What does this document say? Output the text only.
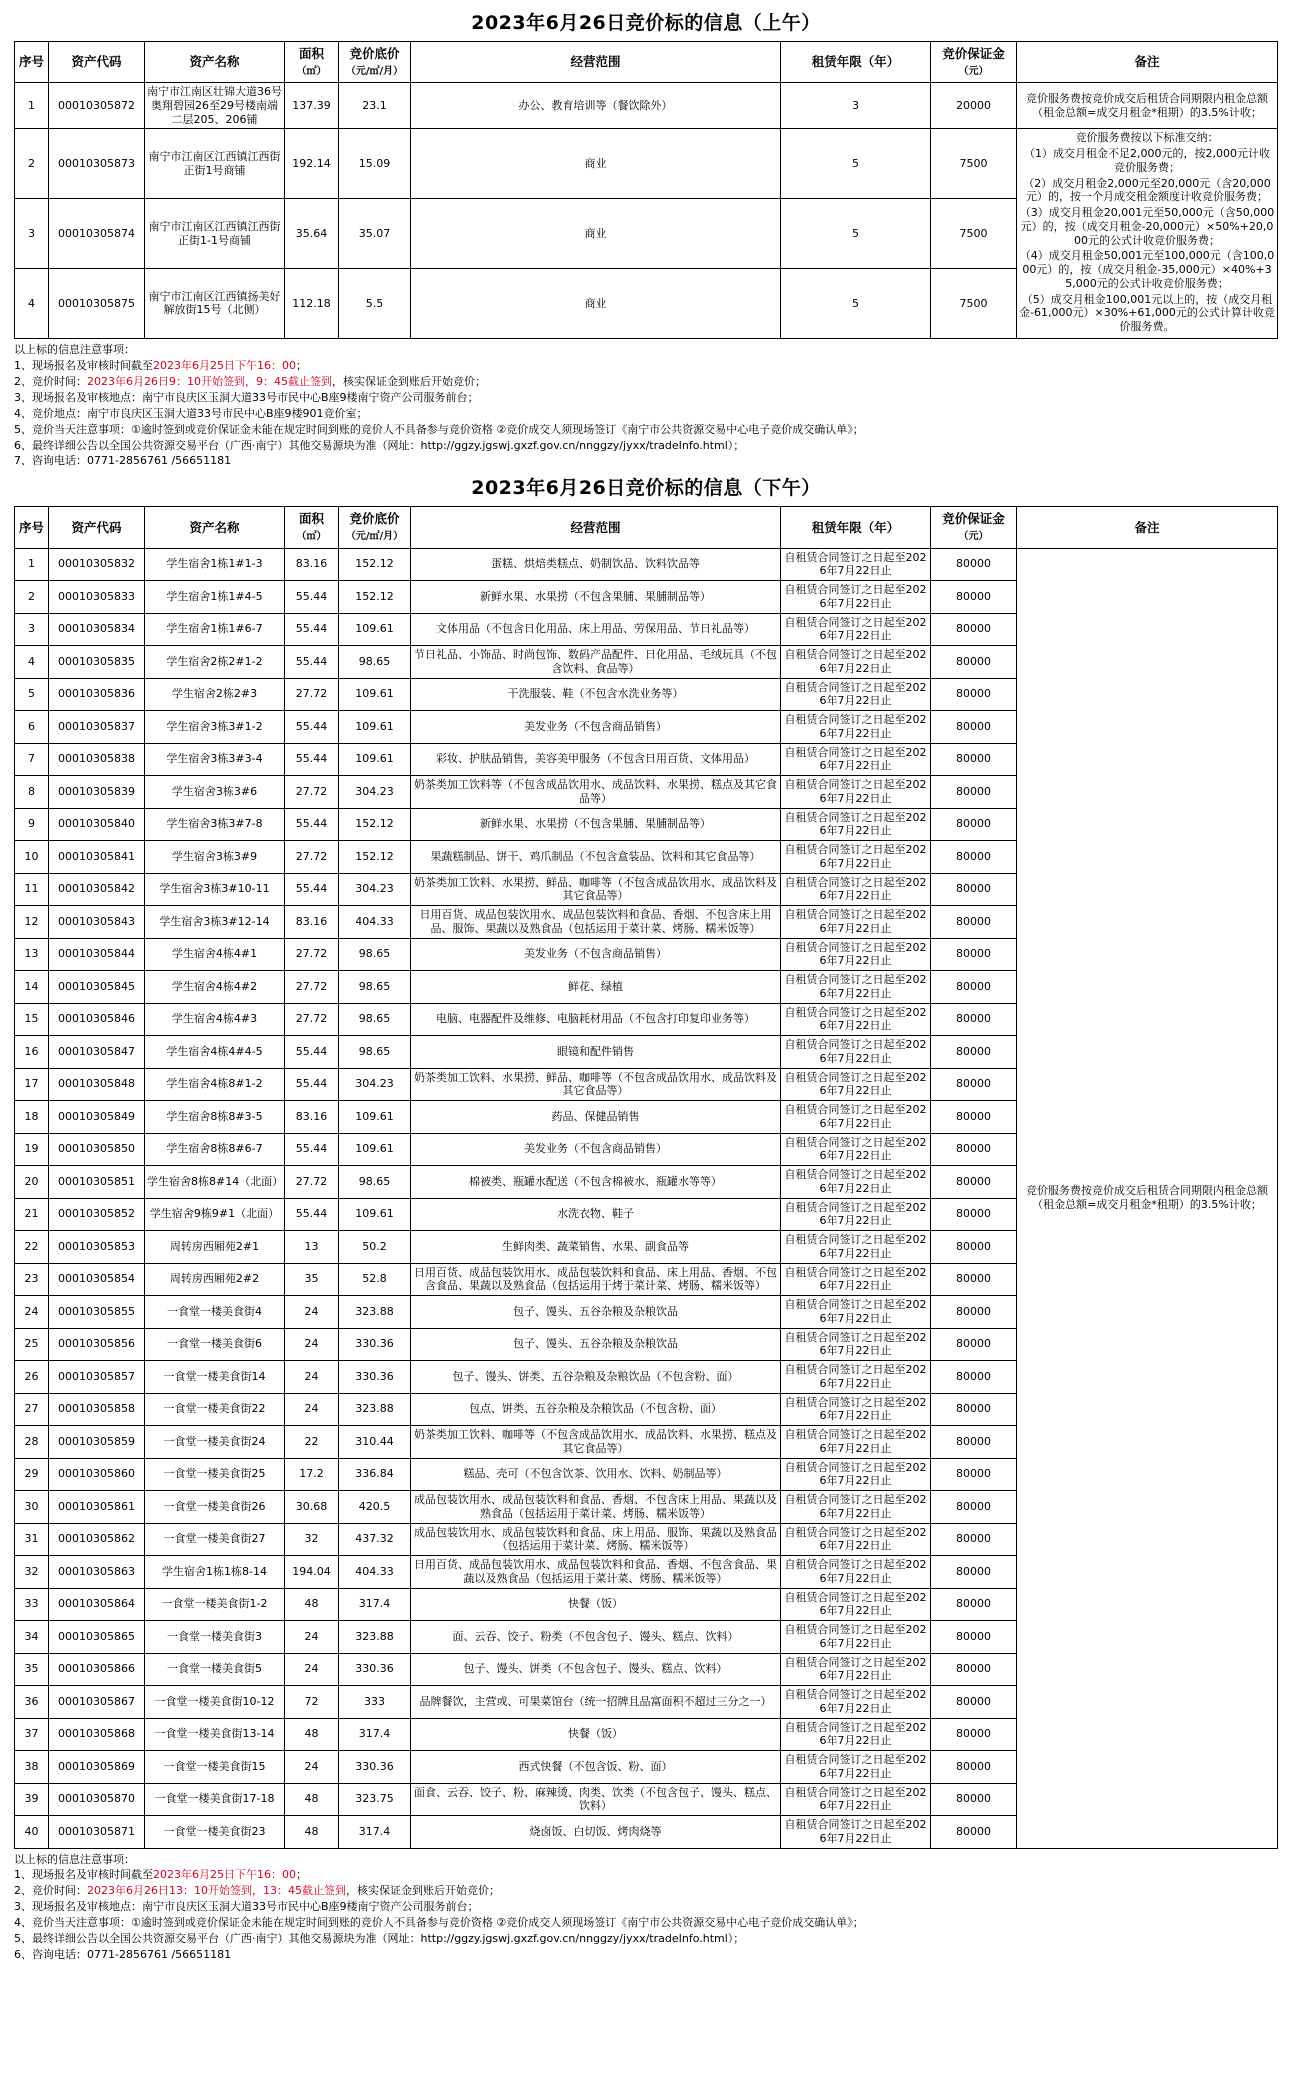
2023年6月26日竞价标的信息（上午）
序号	资产代码	资产名称	面积
（㎡）	竞价底价
（元/㎡/月）	经营范围	租赁年限（年）	竞价保证金
（元）	备注
1	00010305872	南宁市江南区壮锦大道36号奥翔碧园26至29号楼南端二层205、206铺	137.39	23.1	办公、教育培训等（餐饮除外）	3	20000	竞价服务费按竞价成交后租赁合同期限内租金总额（租金总额=成交月租金*租期）的3.5%计收；
2	00010305873	南宁市江南区江西镇江西街正街1号商铺	192.14	15.09	商业	5	7500	

竞价服务费按以下标准交纳：

（1）成交月租金不足2,000元的，按2,000元计收竞价服务费；

（2）成交月租金2,000元至20,000元（含20,000元）的，按一个月成交租金额度计收竞价服务费；

（3）成交月租金20,001元至50,000元（含50,000元）的，按（成交月租金-20,000元）×50%+20,000元的公式计收竞价服务费；

（4）成交月租金50,001元至100,000元（含100,000元）的，按（成交月租金-35,000元）×40%+35,000元的公式计收竞价服务费；

（5）成交月租金100,001元以上的，按（成交月租金-61,000元）×30%+61,000元的公式计算计收竞价服务费。

3	00010305874	南宁市江南区江西镇江西街正街1-1号商铺	35.64	35.07	商业	5	7500	
4	00010305875	南宁市江南区江西镇扬美好解放街15号（北侧）	112.18	5.5	商业	5	7500	
以上标的信息注意事项：
1、现场报名及审核时间截至2023年6月25日下午16：00；
2、竞价时间：2023年6月26日9：10开始签到，9：45截止签到，核实保证金到账后开始竞价；
3、现场报名及审核地点：南宁市良庆区玉洞大道33号市民中心B座9楼南宁资产公司服务前台；
4、竞价地点：南宁市良庆区玉洞大道33号市民中心B座9楼901竞价室；
5、竞价当天注意事项：①逾时签到或竞价保证金未能在规定时间到账的竞价人不具备参与竞价资格 ②竞价成交人须现场签订《南宁市公共资源交易中心电子竞价成交确认单》；
6、最终详细公告以全国公共资源交易平台（广西·南宁）其他交易源块为准（网址：http://ggzy.jgswj.gxzf.gov.cn/nnggzy/jyxx/tradeInfo.html）；
7、咨询电话：0771-2856761 /56651181
2023年6月26日竞价标的信息（下午）
序号	资产代码	资产名称	面积
（㎡）	竞价底价
（元/㎡/月）	经营范围	租赁年限（年）	竞价保证金
（元）	备注
1	00010305832	学生宿舍1栋1#1-3	83.16	152.12	蛋糕、烘焙类糕点、奶制饮品、饮料饮品等	自租赁合同签订之日起至2026年7月22日止	80000	竞价服务费按竞价成交后租赁合同期限内租金总额（租金总额=成交月租金*租期）的3.5%计收；
2	00010305833	学生宿舍1栋1#4-5	55.44	152.12	新鲜水果、水果捞（不包含果脯、果脯制品等）	自租赁合同签订之日起至2026年7月22日止	80000	
3	00010305834	学生宿舍1栋1#6-7	55.44	109.61	文体用品（不包含日化用品、床上用品、劳保用品、节日礼品等）	自租赁合同签订之日起至2026年7月22日止	80000	
4	00010305835	学生宿舍2栋2#1-2	55.44	98.65	节日礼品、小饰品、时尚包饰、数码产品配件、日化用品、毛绒玩具（不包含饮料、食品等）	自租赁合同签订之日起至2026年7月22日止	80000	
5	00010305836	学生宿舍2栋2#3	27.72	109.61	干洗服装、鞋（不包含水洗业务等）	自租赁合同签订之日起至2026年7月22日止	80000	
6	00010305837	学生宿舍3栋3#1-2	55.44	109.61	美发业务（不包含商品销售）	自租赁合同签订之日起至2026年7月22日止	80000	
7	00010305838	学生宿舍3栋3#3-4	55.44	109.61	彩妆、护肤品销售，美容美甲服务（不包含日用百货、文体用品）	自租赁合同签订之日起至2026年7月22日止	80000	
8	00010305839	学生宿舍3栋3#6	27.72	304.23	奶茶类加工饮料等（不包含成品饮用水、成品饮料、水果捞、糕点及其它食品等）	自租赁合同签订之日起至2026年7月22日止	80000	
9	00010305840	学生宿舍3栋3#7-8	55.44	152.12	新鲜水果、水果捞（不包含果脯、果脯制品等）	自租赁合同签订之日起至2026年7月22日止	80000	
10	00010305841	学生宿舍3栋3#9	27.72	152.12	果蔬糕制品、饼干、鸡爪制品（不包含盒装品、饮料和其它食品等）	自租赁合同签订之日起至2026年7月22日止	80000	
11	00010305842	学生宿舍3栋3#10-11	55.44	304.23	奶茶类加工饮料、水果捞、鲜品、咖啡等（不包含成品饮用水、成品饮料及其它食品等）	自租赁合同签订之日起至2026年7月22日止	80000	
12	00010305843	学生宿舍3栋3#12-14	83.16	404.33	日用百货、成品包装饮用水、成品包装饮料和食品、香烟、不包含床上用品、服饰、果蔬以及熟食品（包括运用于菜计菜、烤肠、糯米饭等）	自租赁合同签订之日起至2026年7月22日止	80000	
13	00010305844	学生宿舍4栋4#1	27.72	98.65	美发业务（不包含商品销售）	自租赁合同签订之日起至2026年7月22日止	80000	
14	00010305845	学生宿舍4栋4#2	27.72	98.65	鲜花、绿植	自租赁合同签订之日起至2026年7月22日止	80000	
15	00010305846	学生宿舍4栋4#3	27.72	98.65	电脑、电器配件及维修、电脑耗材用品（不包含打印复印业务等）	自租赁合同签订之日起至2026年7月22日止	80000	
16	00010305847	学生宿舍4栋4#4-5	55.44	98.65	眼镜和配件销售	自租赁合同签订之日起至2026年7月22日止	80000	
17	00010305848	学生宿舍4栋8#1-2	55.44	304.23	奶茶类加工饮料、水果捞、鲜品、咖啡等（不包含成品饮用水、成品饮料及其它食品等）	自租赁合同签订之日起至2026年7月22日止	80000	
18	00010305849	学生宿舍8栋8#3-5	83.16	109.61	药品、保健品销售	自租赁合同签订之日起至2026年7月22日止	80000	
19	00010305850	学生宿舍8栋8#6-7	55.44	109.61	美发业务（不包含商品销售）	自租赁合同签订之日起至2026年7月22日止	80000	
20	00010305851	学生宿舍8栋8#14（北面）	27.72	98.65	棉被类、瓶罐水配送（不包含棉被水、瓶罐水等等）	自租赁合同签订之日起至2026年7月22日止	80000	
21	00010305852	学生宿舍9栋9#1（北面）	55.44	109.61	水洗衣物、鞋子	自租赁合同签订之日起至2026年7月22日止	80000	
22	00010305853	周转房西厢苑2#1	13	50.2	生鲜肉类、蔬菜销售、水果、副食品等	自租赁合同签订之日起至2026年7月22日止	80000	
23	00010305854	周转房西厢苑2#2	35	52.8	日用百货、成品包装饮用水、成品包装饮料和食品、床上用品、香烟、不包含食品、果蔬以及熟食品（包括运用于烤于菜计菜、烤肠、糯米饭等）	自租赁合同签订之日起至2026年7月22日止	80000	
24	00010305855	一食堂一楼美食街4	24	323.88	包子、馒头、五谷杂粮及杂粮饮品	自租赁合同签订之日起至2026年7月22日止	80000	
25	00010305856	一食堂一楼美食街6	24	330.36	包子、馒头、五谷杂粮及杂粮饮品	自租赁合同签订之日起至2026年7月22日止	80000	
26	00010305857	一食堂一楼美食街14	24	330.36	包子、馒头、饼类、五谷杂粮及杂粮饮品（不包含粉、面）	自租赁合同签订之日起至2026年7月22日止	80000	
27	00010305858	一食堂一楼美食街22	24	323.88	包点、饼类、五谷杂粮及杂粮饮品（不包含粉、面）	自租赁合同签订之日起至2026年7月22日止	80000	
28	00010305859	一食堂一楼美食街24	22	310.44	奶茶类加工饮料、咖啡等（不包含成品饮用水、成品饮料、水果捞、糕点及其它食品等）	自租赁合同签订之日起至2026年7月22日止	80000	
29	00010305860	一食堂一楼美食街25	17.2	336.84	糕品、壳可（不包含饮茶、饮用水、饮料、奶制品等）	自租赁合同签订之日起至2026年7月22日止	80000	
30	00010305861	一食堂一楼美食街26	30.68	420.5	成品包装饮用水、成品包装饮料和食品、香烟、不包含床上用品、果蔬以及熟食品（包括运用于菜计菜、烤肠、糯米饭等）	自租赁合同签订之日起至2026年7月22日止	80000	
31	00010305862	一食堂一楼美食街27	32	437.32	成品包装饮用水、成品包装饮料和食品、床上用品、服饰、果蔬以及熟食品（包括运用于菜计菜、烤肠、糯米饭等）	自租赁合同签订之日起至2026年7月22日止	80000	
32	00010305863	学生宿舍1栋1栋8-14	194.04	404.33	日用百货、成品包装饮用水、成品包装饮料和食品、香烟、不包含食品、果蔬以及熟食品（包括运用于菜计菜、烤肠、糯米饭等）	自租赁合同签订之日起至2026年7月22日止	80000	
33	00010305864	一食堂一楼美食街1-2	48	317.4	快餐（饭）	自租赁合同签订之日起至2026年7月22日止	80000	
34	00010305865	一食堂一楼美食街3	24	323.88	面、云吞、饺子、粉类（不包含包子、馒头、糕点、饮料）	自租赁合同签订之日起至2026年7月22日止	80000	
35	00010305866	一食堂一楼美食街5	24	330.36	包子、馒头、饼类（不包含包子、馒头、糕点、饮料）	自租赁合同签订之日起至2026年7月22日止	80000	
36	00010305867	一食堂一楼美食街10-12	72	333	品牌餐饮，主营或、可果菜馆台（统一招牌且品富面积不超过三分之一）	自租赁合同签订之日起至2026年7月22日止	80000	
37	00010305868	一食堂一楼美食街13-14	48	317.4	快餐（饭）	自租赁合同签订之日起至2026年7月22日止	80000	
38	00010305869	一食堂一楼美食街15	24	330.36	西式快餐（不包含饭、粉、面）	自租赁合同签订之日起至2026年7月22日止	80000	
39	00010305870	一食堂一楼美食街17-18	48	323.75	面食、云吞、饺子、粉、麻辣烫、肉类、饮类（不包含包子、馒头、糕点、饮料）	自租赁合同签订之日起至2026年7月22日止	80000	
40	00010305871	一食堂一楼美食街23	48	317.4	烧卤饭、白切饭、烤肉烧等	自租赁合同签订之日起至2026年7月22日止	80000	
以上标的信息注意事项：
1、现场报名及审核时间截至2023年6月25日下午16：00；
2、竞价时间：2023年6月26日13：10开始签到，13：45截止签到，核实保证金到账后开始竞价；
3、现场报名及审核地点：南宁市良庆区玉洞大道33号市民中心B座9楼南宁资产公司服务前台；
4、竞价当天注意事项：①逾时签到或竞价保证金未能在规定时间到账的竞价人不具备参与竞价资格 ②竞价成交人须现场签订《南宁市公共资源交易中心电子竞价成交确认单》；
5、最终详细公告以全国公共资源交易平台（广西·南宁）其他交易源块为准（网址：http://ggzy.jgswj.gxzf.gov.cn/nnggzy/jyxx/tradeInfo.html）；
6、咨询电话：0771-2856761 /56651181
